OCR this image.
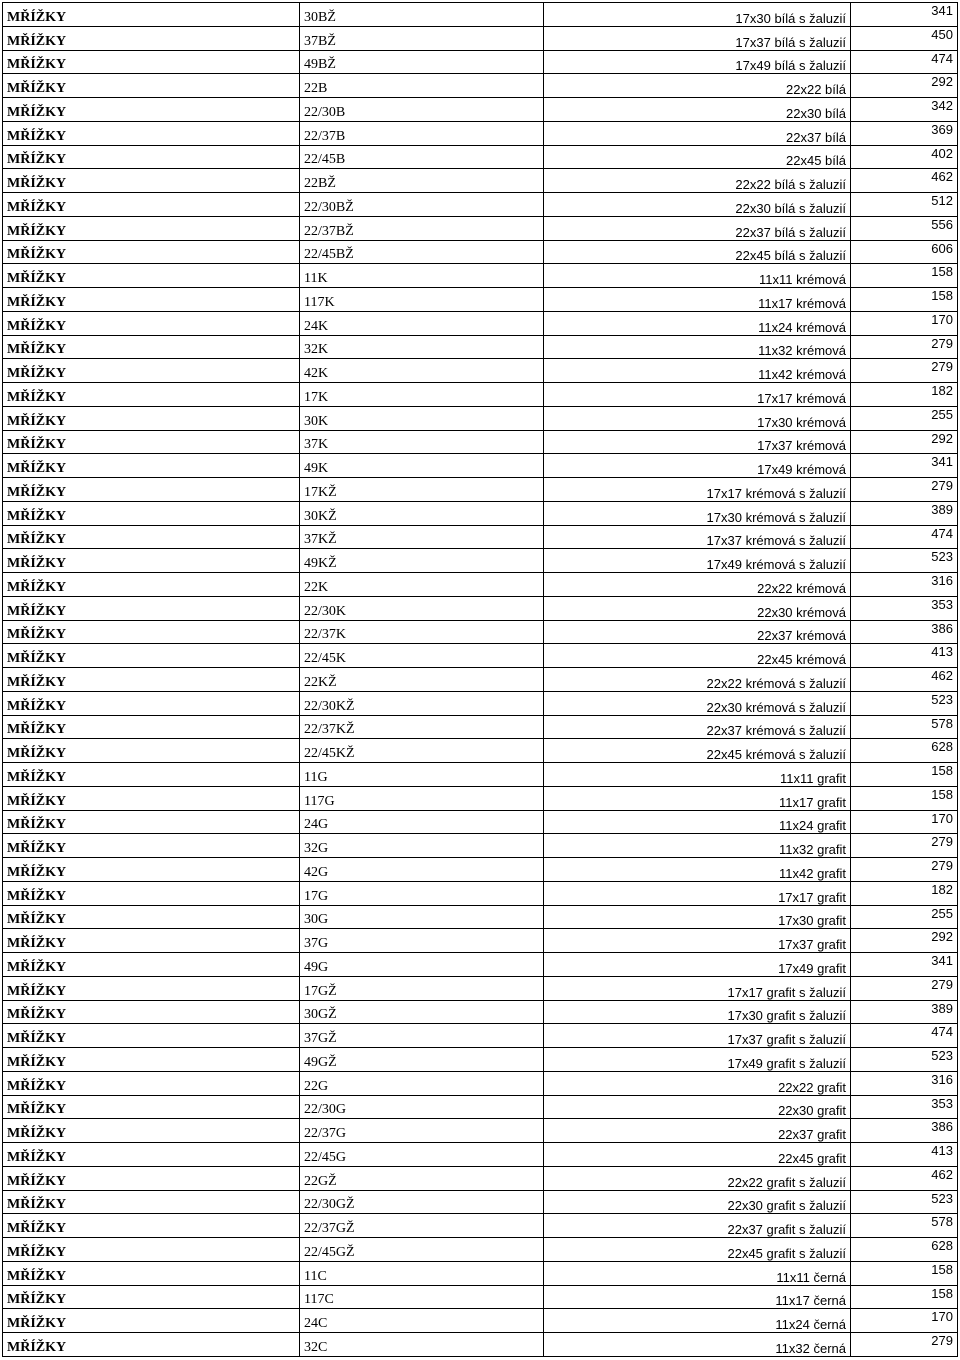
MŘÍŽKY	30BŽ	17x30 bílá s žaluzií	341
MŘÍŽKY	37BŽ	17x37 bílá s žaluzií	450
MŘÍŽKY	49BŽ	17x49 bílá s žaluzií	474
MŘÍŽKY	22B	22x22 bílá	292
MŘÍŽKY	22/30B	22x30 bílá	342
MŘÍŽKY	22/37B	22x37 bílá	369
MŘÍŽKY	22/45B	22x45 bílá	402
MŘÍŽKY	22BŽ	22x22 bílá s žaluzií	462
MŘÍŽKY	22/30BŽ	22x30 bílá s žaluzií	512
MŘÍŽKY	22/37BŽ	22x37 bílá s žaluzií	556
MŘÍŽKY	22/45BŽ	22x45 bílá s žaluzií	606
MŘÍŽKY	11K	11x11 krémová	158
MŘÍŽKY	117K	11x17 krémová	158
MŘÍŽKY	24K	11x24 krémová	170
MŘÍŽKY	32K	11x32 krémová	279
MŘÍŽKY	42K	11x42 krémová	279
MŘÍŽKY	17K	17x17 krémová	182
MŘÍŽKY	30K	17x30 krémová	255
MŘÍŽKY	37K	17x37 krémová	292
MŘÍŽKY	49K	17x49 krémová	341
MŘÍŽKY	17KŽ	17x17 krémová s žaluzií	279
MŘÍŽKY	30KŽ	17x30 krémová s žaluzií	389
MŘÍŽKY	37KŽ	17x37 krémová s žaluzií	474
MŘÍŽKY	49KŽ	17x49 krémová s žaluzií	523
MŘÍŽKY	22K	22x22 krémová	316
MŘÍŽKY	22/30K	22x30 krémová	353
MŘÍŽKY	22/37K	22x37 krémová	386
MŘÍŽKY	22/45K	22x45 krémová	413
MŘÍŽKY	22KŽ	22x22 krémová s žaluzií	462
MŘÍŽKY	22/30KŽ	22x30 krémová s žaluzií	523
MŘÍŽKY	22/37KŽ	22x37 krémová s žaluzií	578
MŘÍŽKY	22/45KŽ	22x45 krémová s žaluzií	628
MŘÍŽKY	11G	11x11 grafit	158
MŘÍŽKY	117G	11x17 grafit	158
MŘÍŽKY	24G	11x24 grafit	170
MŘÍŽKY	32G	11x32 grafit	279
MŘÍŽKY	42G	11x42 grafit	279
MŘÍŽKY	17G	17x17 grafit	182
MŘÍŽKY	30G	17x30 grafit	255
MŘÍŽKY	37G	17x37 grafit	292
MŘÍŽKY	49G	17x49 grafit	341
MŘÍŽKY	17GŽ	17x17 grafit s žaluzií	279
MŘÍŽKY	30GŽ	17x30 grafit s žaluzií	389
MŘÍŽKY	37GŽ	17x37 grafit s žaluzií	474
MŘÍŽKY	49GŽ	17x49 grafit s žaluzií	523
MŘÍŽKY	22G	22x22 grafit	316
MŘÍŽKY	22/30G	22x30 grafit	353
MŘÍŽKY	22/37G	22x37 grafit	386
MŘÍŽKY	22/45G	22x45 grafit	413
MŘÍŽKY	22GŽ	22x22 grafit s žaluzií	462
MŘÍŽKY	22/30GŽ	22x30 grafit s žaluzií	523
MŘÍŽKY	22/37GŽ	22x37 grafit s žaluzií	578
MŘÍŽKY	22/45GŽ	22x45 grafit s žaluzií	628
MŘÍŽKY	11C	11x11 černá	158
MŘÍŽKY	117C	11x17 černá	158
MŘÍŽKY	24C	11x24 černá	170
MŘÍŽKY	32C	11x32 černá	279
